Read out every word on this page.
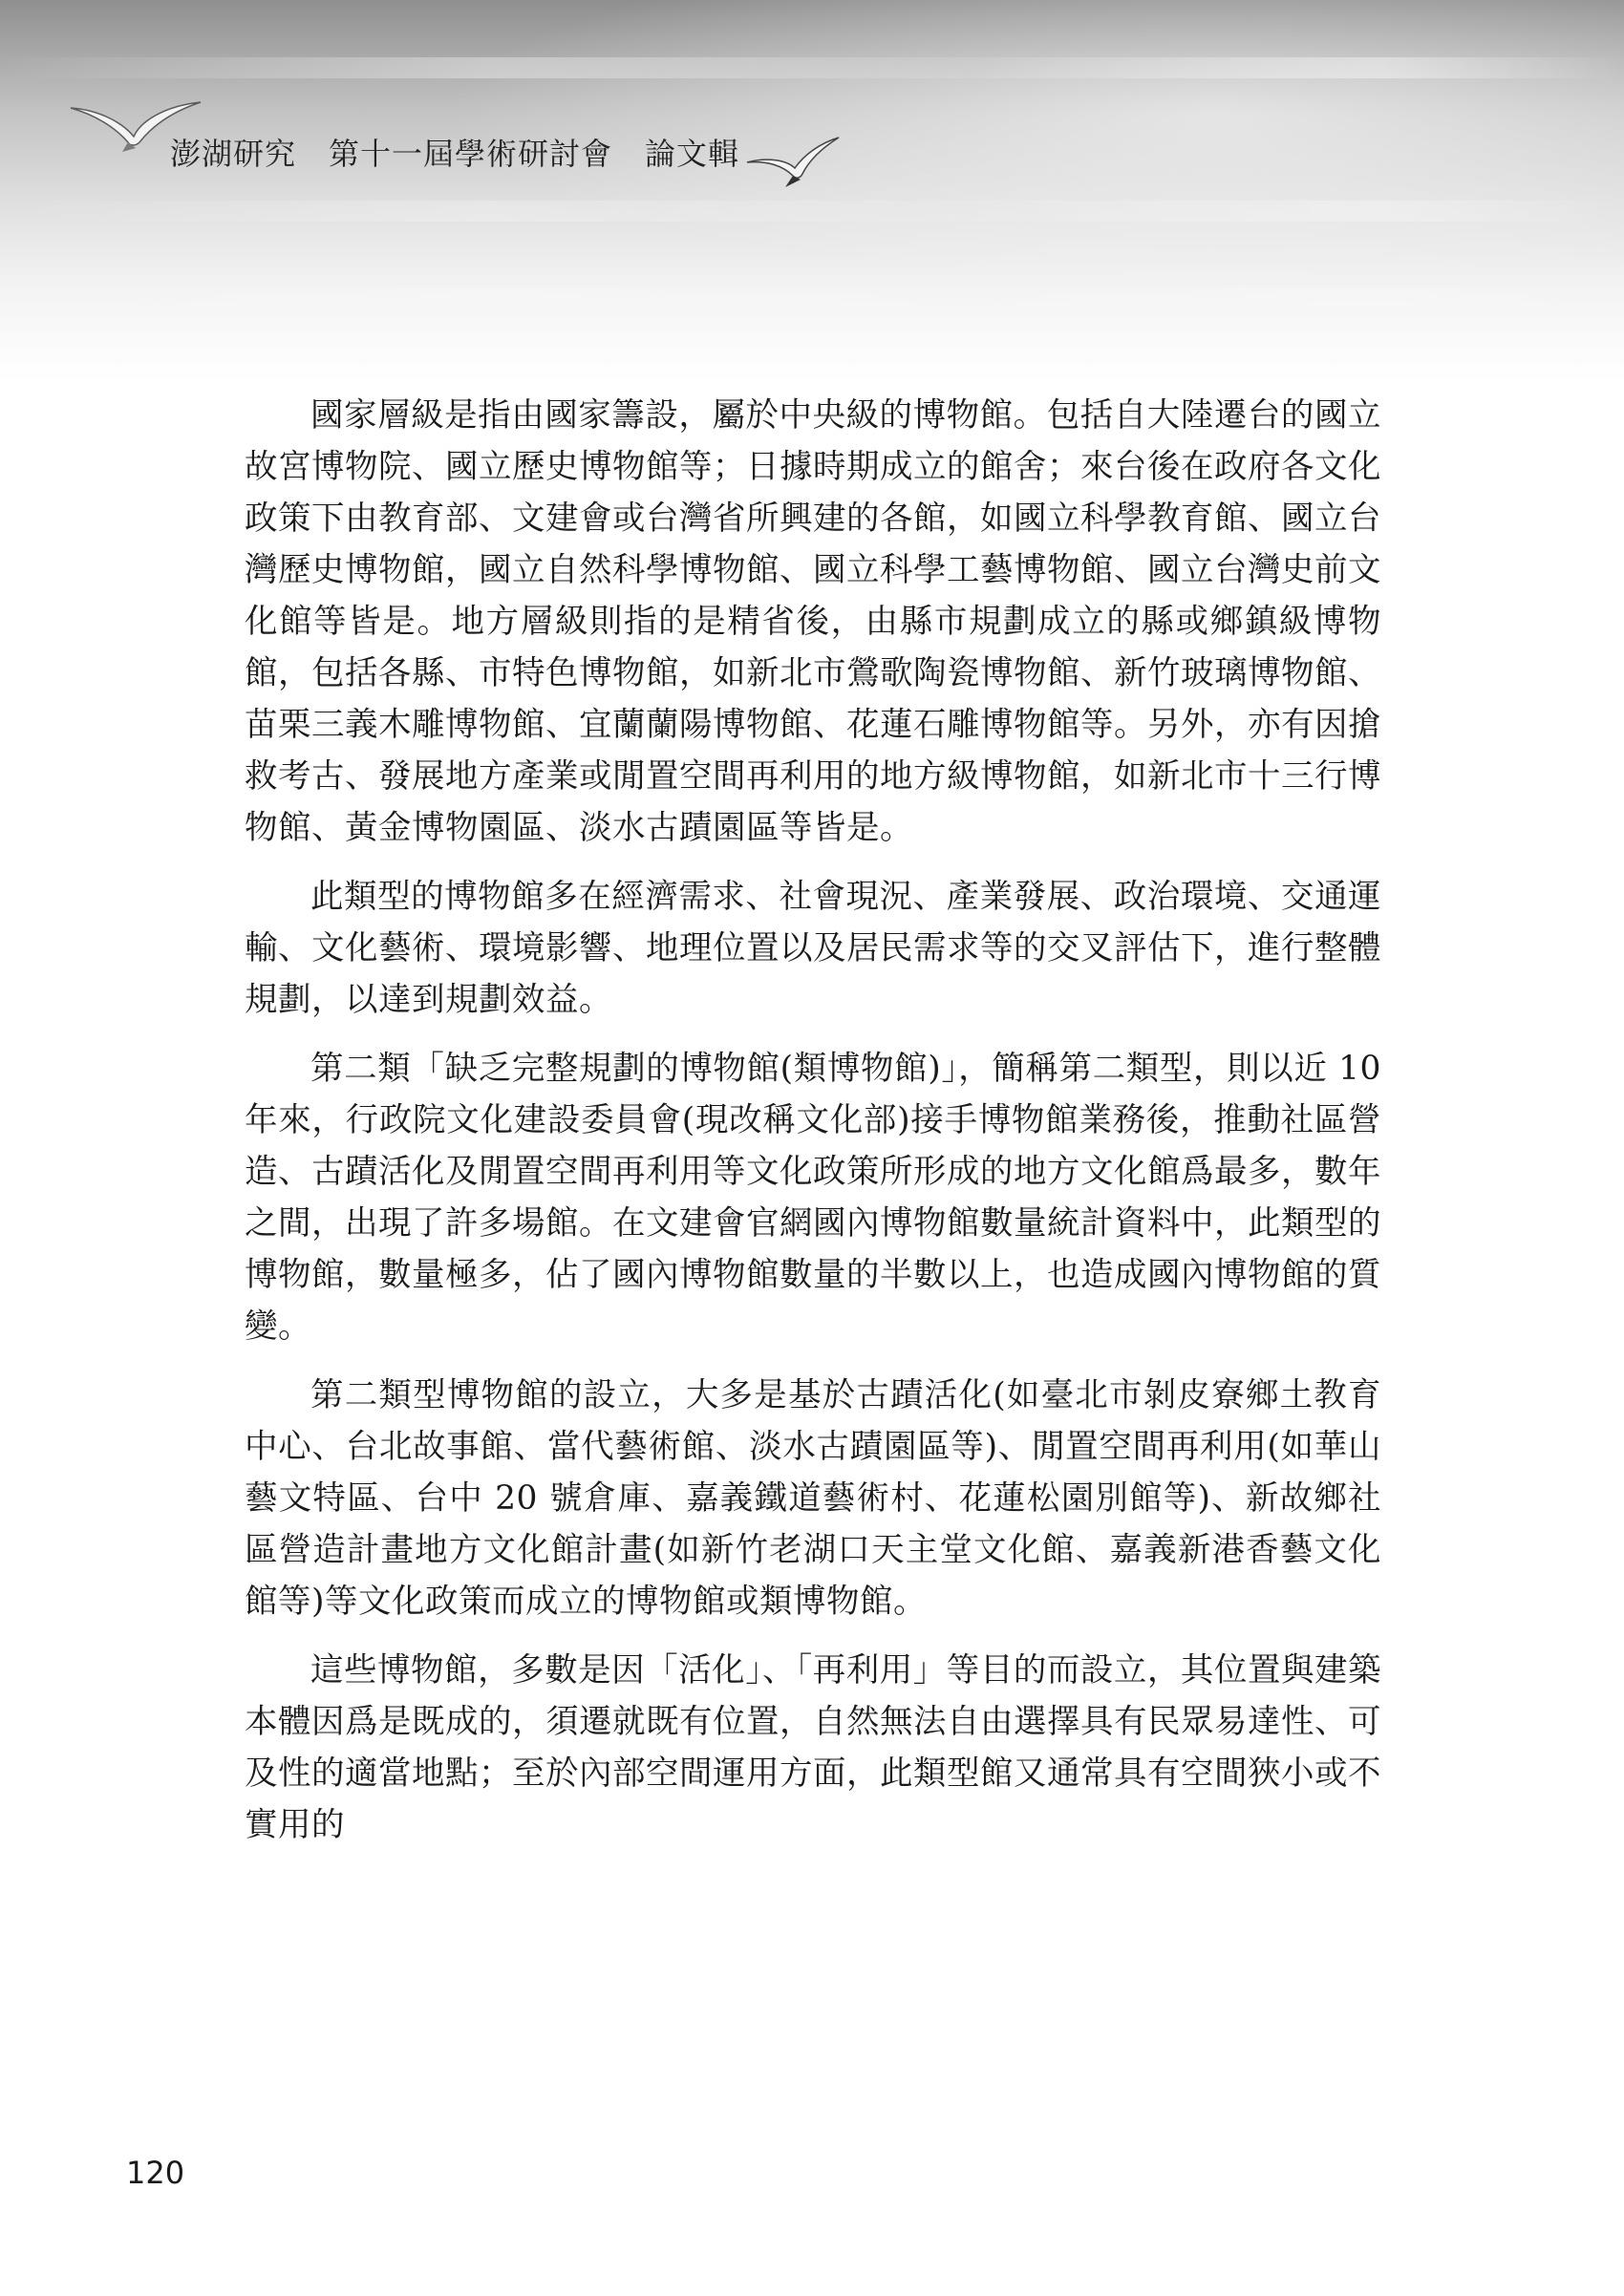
澎湖研究 第十一屆學術研討會 論文輯

國家層級是指由國家籌設，屬於中央級的博物館。包括自大陸遷台的國立故宮博物院、國立歷史博物館等；日據時期成立的館舍；來台後在政府各文化政策下由教育部、文建會或台灣省所興建的各館，如國立科學教育館、國立台灣歷史博物館，國立自然科學博物館、國立科學工藝博物館、國立台灣史前文化館等皆是。地方層級則指的是精省後，由縣市規劃成立的縣或鄉鎮級博物館，包括各縣、市特色博物館，如新北市鶯歌陶瓷博物館、新竹玻璃博物館、苗栗三義木雕博物館、宜蘭蘭陽博物館、花蓮石雕博物館等。另外，亦有因搶救考古、發展地方產業或閒置空間再利用的地方級博物館，如新北市十三行博物館、黃金博物園區、淡水古蹟園區等皆是。

此類型的博物館多在經濟需求、社會現況、產業發展、政治環境、交通運輸、文化藝術、環境影響、地理位置以及居民需求等的交叉評估下，進行整體規劃，以達到規劃效益。

第二類「缺乏完整規劃的博物館(類博物館)」，簡稱第二類型，則以近 10 年來，行政院文化建設委員會(現改稱文化部)接手博物館業務後，推動社區營造、古蹟活化及閒置空間再利用等文化政策所形成的地方文化館爲最多，數年之間，出現了許多場館。在文建會官網國內博物館數量統計資料中，此類型的博物館，數量極多，佔了國內博物館數量的半數以上，也造成國內博物館的質變。

第二類型博物館的設立，大多是基於古蹟活化(如臺北市剝皮寮鄉土教育中心、台北故事館、當代藝術館、淡水古蹟園區等)、閒置空間再利用(如華山藝文特區、台中 20 號倉庫、嘉義鐵道藝術村、花蓮松園別館等)、新故鄉社區營造計畫地方文化館計畫(如新竹老湖口天主堂文化館、嘉義新港香藝文化館等)等文化政策而成立的博物館或類博物館。

這些博物館，多數是因「活化」、「再利用」等目的而設立，其位置與建築本體因爲是既成的，須遷就既有位置，自然無法自由選擇具有民眾易達性、可及性的適當地點；至於內部空間運用方面，此類型館又通常具有空間狹小或不實用的

120
